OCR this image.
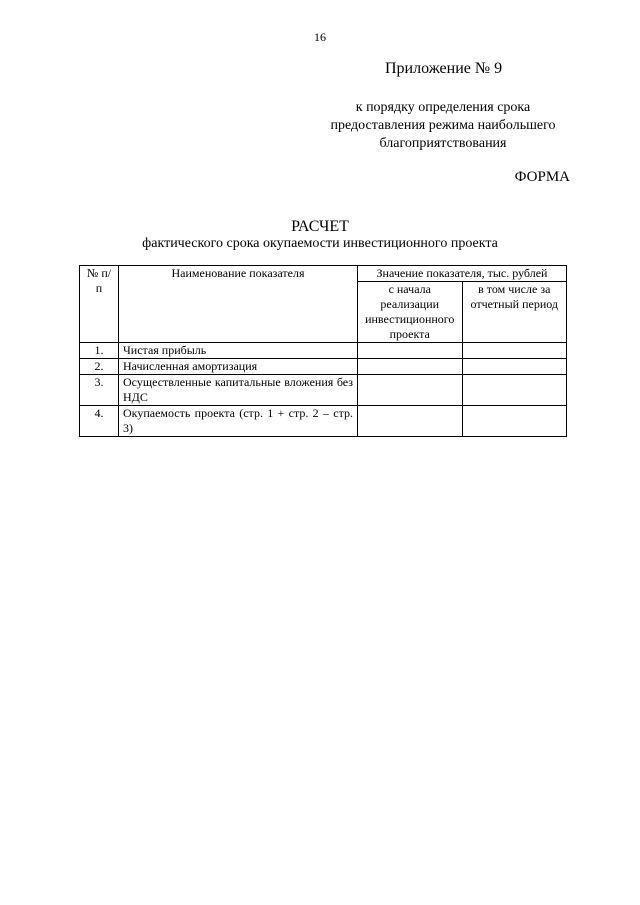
16
Приложение № 9
к порядку определения срока
предоставления режима наибольшего
благоприятствования
ФОРМА
РАСЧЕТ
фактического срока окупаемости инвестиционного проекта
№ п/п	Наименование показателя	Значение показателя, тыс. рублей	
		с начала реализации инвестиционного проекта	в том числе за отчетный период
1.	Чистая прибыль		
2.	Начисленная амортизация		
3.	Осуществленные капитальные вложения без НДС		
4.	Окупаемость проекта (стр. 1 + стр. 2 – стр. 3)		
